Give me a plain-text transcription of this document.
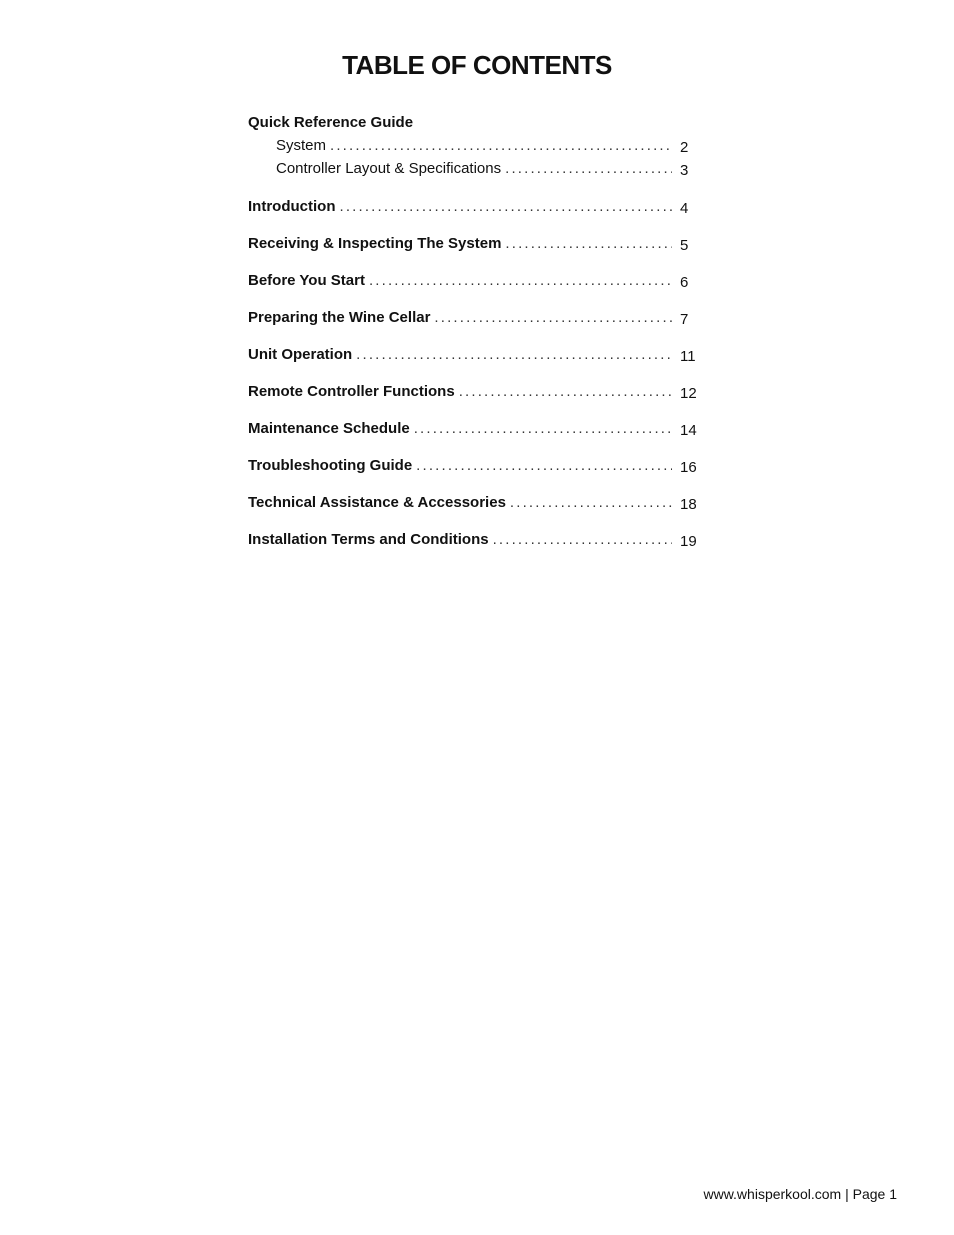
TABLE OF CONTENTS
Quick Reference Guide
System . . .	2
Controller Layout & Specifications . . .	3
Introduction . . .	4
Receiving & Inspecting The System . . .	5
Before You Start . . .	6
Preparing the Wine Cellar . . .	7
Unit Operation . . .	11
Remote Controller Functions . . .	12
Maintenance Schedule . . .	14
Troubleshooting Guide . . .	16
Technical Assistance & Accessories . . .	18
Installation Terms and Conditions . . .	19
www.whisperkool.com | Page 1
